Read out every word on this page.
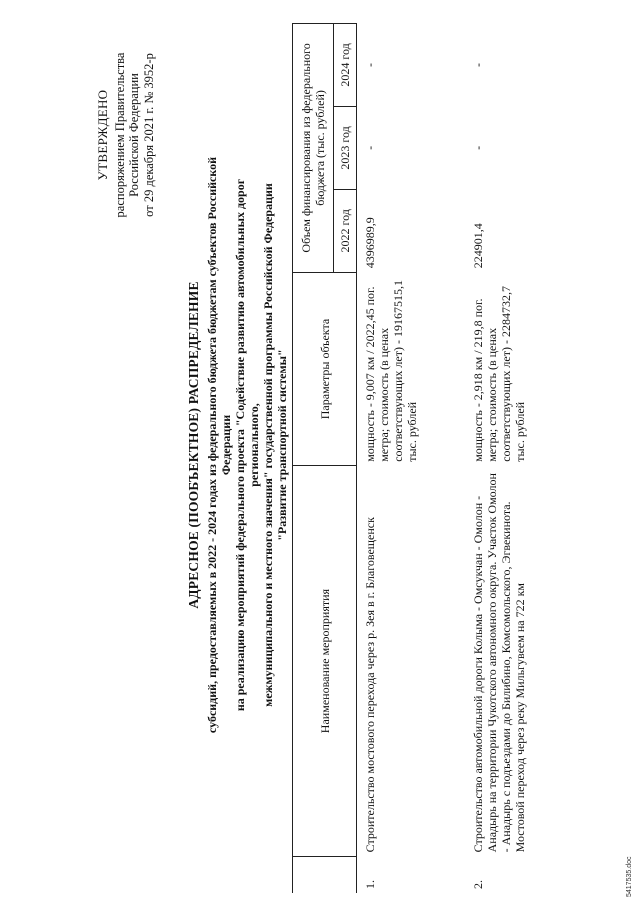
УТВЕРЖДЕНО распоряжением Правительства Российской Федерации от 29 декабря 2021 г. № 3952-р
АДРЕСНОЕ (ПООБЪЕКТНОЕ) РАСПРЕДЕЛЕНИЕ субсидий, предоставляемых в 2022 - 2024 годах из федерального бюджета бюджетам субъектов Российской Федерации на реализацию мероприятий федерального проекта "Содействие развитию автомобильных дорог регионального, межмуниципального и местного значения" государственной программы Российской Федерации "Развитие транспортной системы"
	Наименование мероприятия	Параметры объекта	Объем финансирования из федерального бюджета (тыс. рублей)		
			2022 год	2023 год	2024 год
1.	Строительство мостового перехода через р. Зея в г. Благовещенск	мощность - 9,007 км / 2022,45 пог. метра; стоимость (в ценах соответствующих лет) - 19167515,1 тыс. рублей	4396989,9	-	-
2.	Строительство автомобильной дороги Колыма - Омсукчан - Омолон - Анадырь на территории Чукотского автономного округа. Участок Омолон - Анадырь с подъездами до Билибино, Комсомольского, Эгвекинота. Мостовой переход через реку Мильгувеем на 722 км	мощность - 2,918 км / 219,8 пог. метра; стоимость (в ценах соответствующих лет) - 2284732,7 тыс. рублей	224901,4	-	-
5417535.doc
